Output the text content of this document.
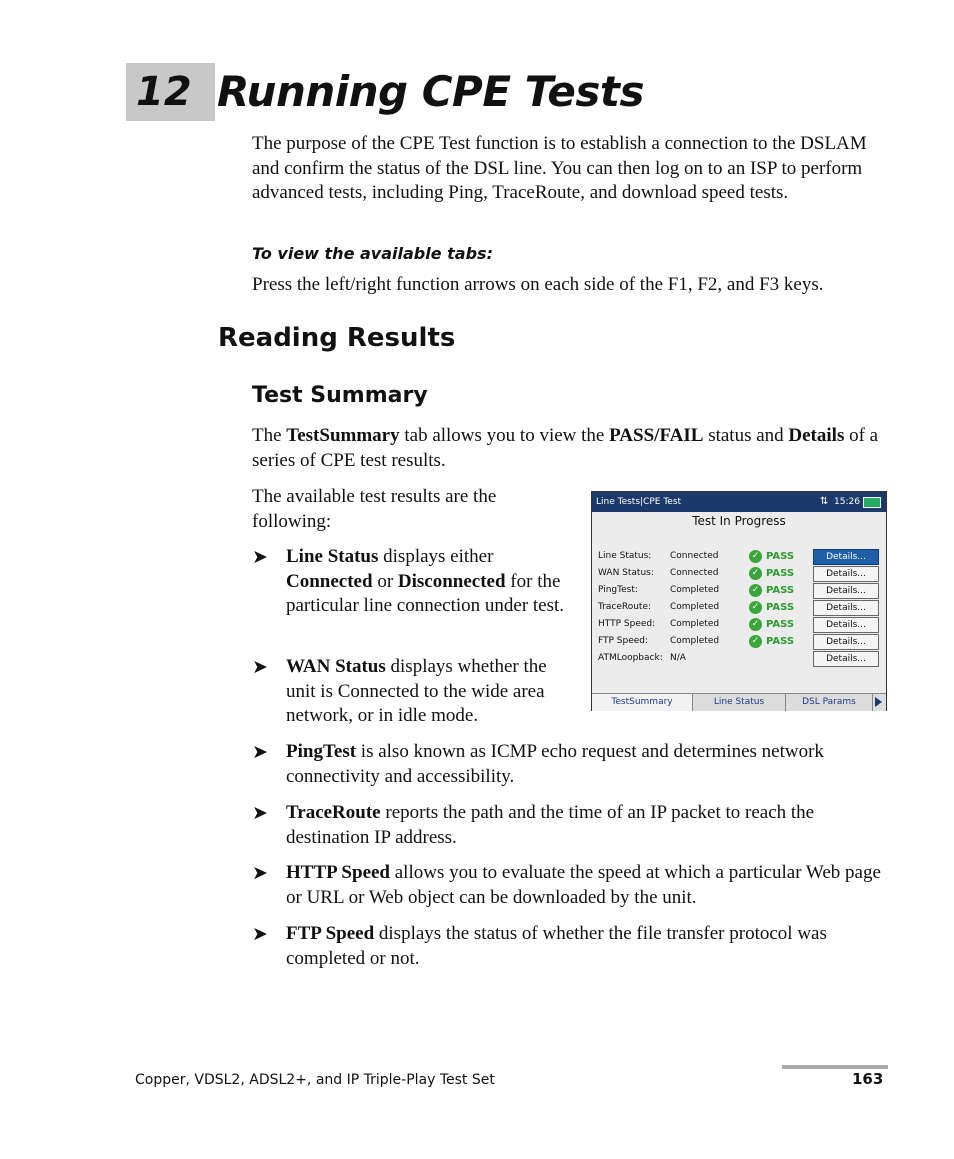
12 Running CPE Tests
The purpose of the CPE Test function is to establish a connection to the DSLAM and confirm the status of the DSL line. You can then log on to an ISP to perform advanced tests, including Ping, TraceRoute, and download speed tests.
To view the available tabs:
Press the left/right function arrows on each side of the F1, F2, and F3 keys.
Reading Results
Test Summary
The TestSummary tab allows you to view the PASS/FAIL status and Details of a series of CPE test results.
The available test results are the following:
➤ Line Status displays either Connected or Disconnected for the particular line connection under test.
➤ WAN Status displays whether the unit is Connected to the wide area network, or in idle mode.
➤ PingTest is also known as ICMP echo request and determines network connectivity and accessibility.
➤ TraceRoute reports the path and the time of an IP packet to reach the destination IP address.
➤ HTTP Speed allows you to evaluate the speed at which a particular Web page or URL or Web object can be downloaded by the unit.
➤ FTP Speed displays the status of whether the file transfer protocol was completed or not.
Line Tests|CPE Test	⇅ 15:26
Test In Progress
Line Status: Connected	✓ PASS	Details...
WAN Status: Connected	✓ PASS	Details...
PingTest:	Completed	✓ PASS	Details...
TraceRoute: Completed	✓ PASS	Details...
HTTP Speed: Completed	✓ PASS	Details...
FTP Speed: Completed	✓ PASS	Details...
ATMLoopback: N/A	Details...
TestSummary	Line Status	DSL Params
Copper, VDSL2, ADSL2+, and IP Triple-Play Test Set	163
